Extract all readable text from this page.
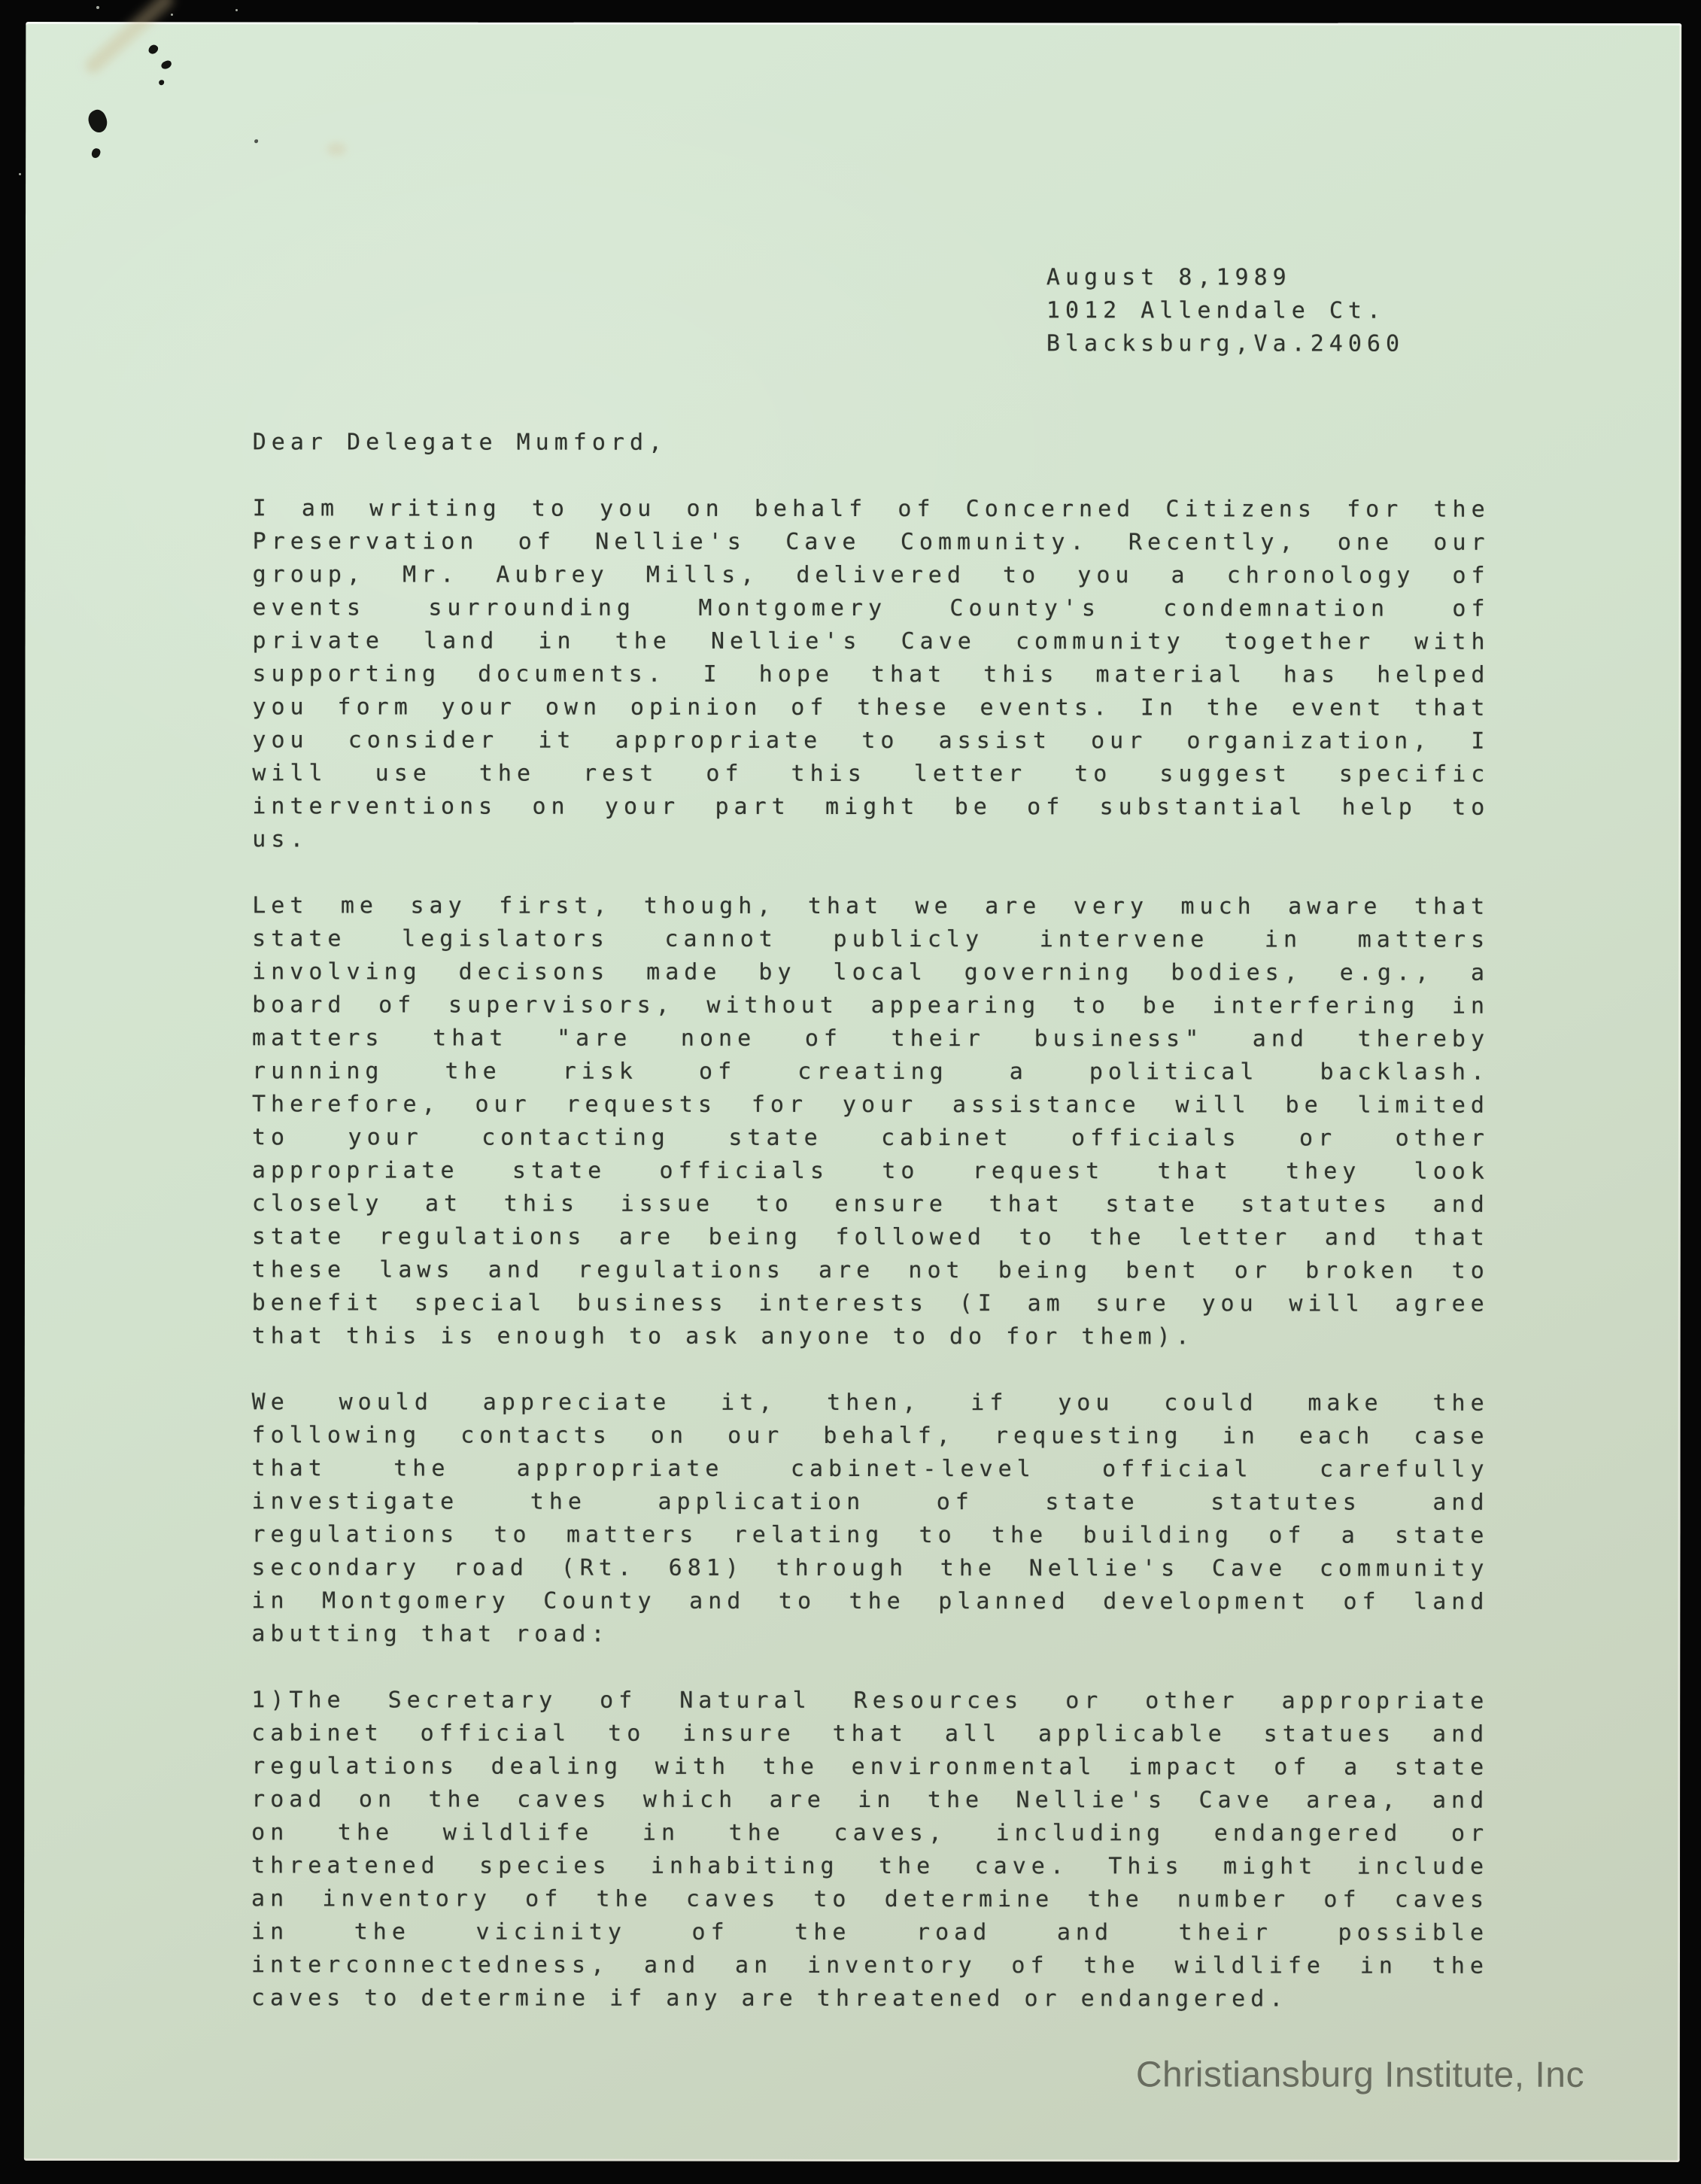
August 8,1989
1012 Allendale Ct.
Blacksburg,Va.24060
Dear Delegate Mumford,
I am writing to you on behalf of Concerned Citizens for the
Preservation of Nellie's Cave Community. Recently, one our
group, Mr. Aubrey Mills, delivered to you a chronology of
events surrounding Montgomery County's condemnation of
private land in the Nellie's Cave community together with
supporting documents. I hope that this material has helped
you form your own opinion of these events. In the event that
you consider it appropriate to assist our organization, I
will use the rest of this letter to suggest specific
interventions on your part might be of substantial help to
us.
Let me say first, though, that we are very much aware that
state legislators cannot publicly intervene in matters
involving decisons made by local governing bodies, e.g., a
board of supervisors, without appearing to be interfering in
matters that "are none of their business" and thereby
running the risk of creating a political backlash.
Therefore, our requests for your assistance will be limited
to your contacting state cabinet officials or other
appropriate state officials to request that they look
closely at this issue to ensure that state statutes and
state regulations are being followed to the letter and that
these laws and regulations are not being bent or broken to
benefit special business interests (I am sure you will agree
that this is enough to ask anyone to do for them).
We would appreciate it, then, if you could make the
following contacts on our behalf, requesting in each case
that the appropriate cabinet-level official carefully
investigate the application of state statutes and
regulations to matters relating to the building of a state
secondary road (Rt. 681) through the Nellie's Cave community
in Montgomery County and to the planned development of land
abutting that road:
1)The Secretary of Natural Resources or other appropriate
cabinet official to insure that all applicable statues and
regulations dealing with the environmental impact of a state
road on the caves which are in the Nellie's Cave area, and
on the wildlife in the caves, including endangered or
threatened species inhabiting the cave. This might include
an inventory of the caves to determine the number of caves
in the vicinity of the road and their possible
interconnectedness, and an inventory of the wildlife in the
caves to determine if any are threatened or endangered.
Christiansburg Institute, Inc
